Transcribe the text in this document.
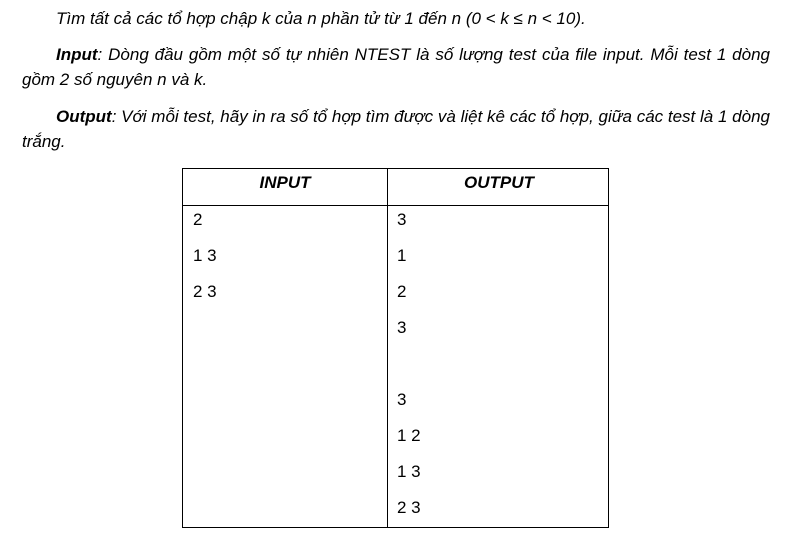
Tìm tất cả các tổ hợp chập k của n phần tử từ 1 đến n (0 < k ≤ n < 10).

Input: Dòng đầu gồm một số tự nhiên NTEST là số lượng test của file input. Mỗi test 1 dòng gồm 2 số nguyên n và k.

Output: Với mỗi test, hãy in ra số tổ hợp tìm được và liệt kê các tổ hợp, giữa các test là 1 dòng trắng.

INPUT	OUTPUT
2
1 3
2 3
3
1
2
3
3
1 2
1 3
2 3
